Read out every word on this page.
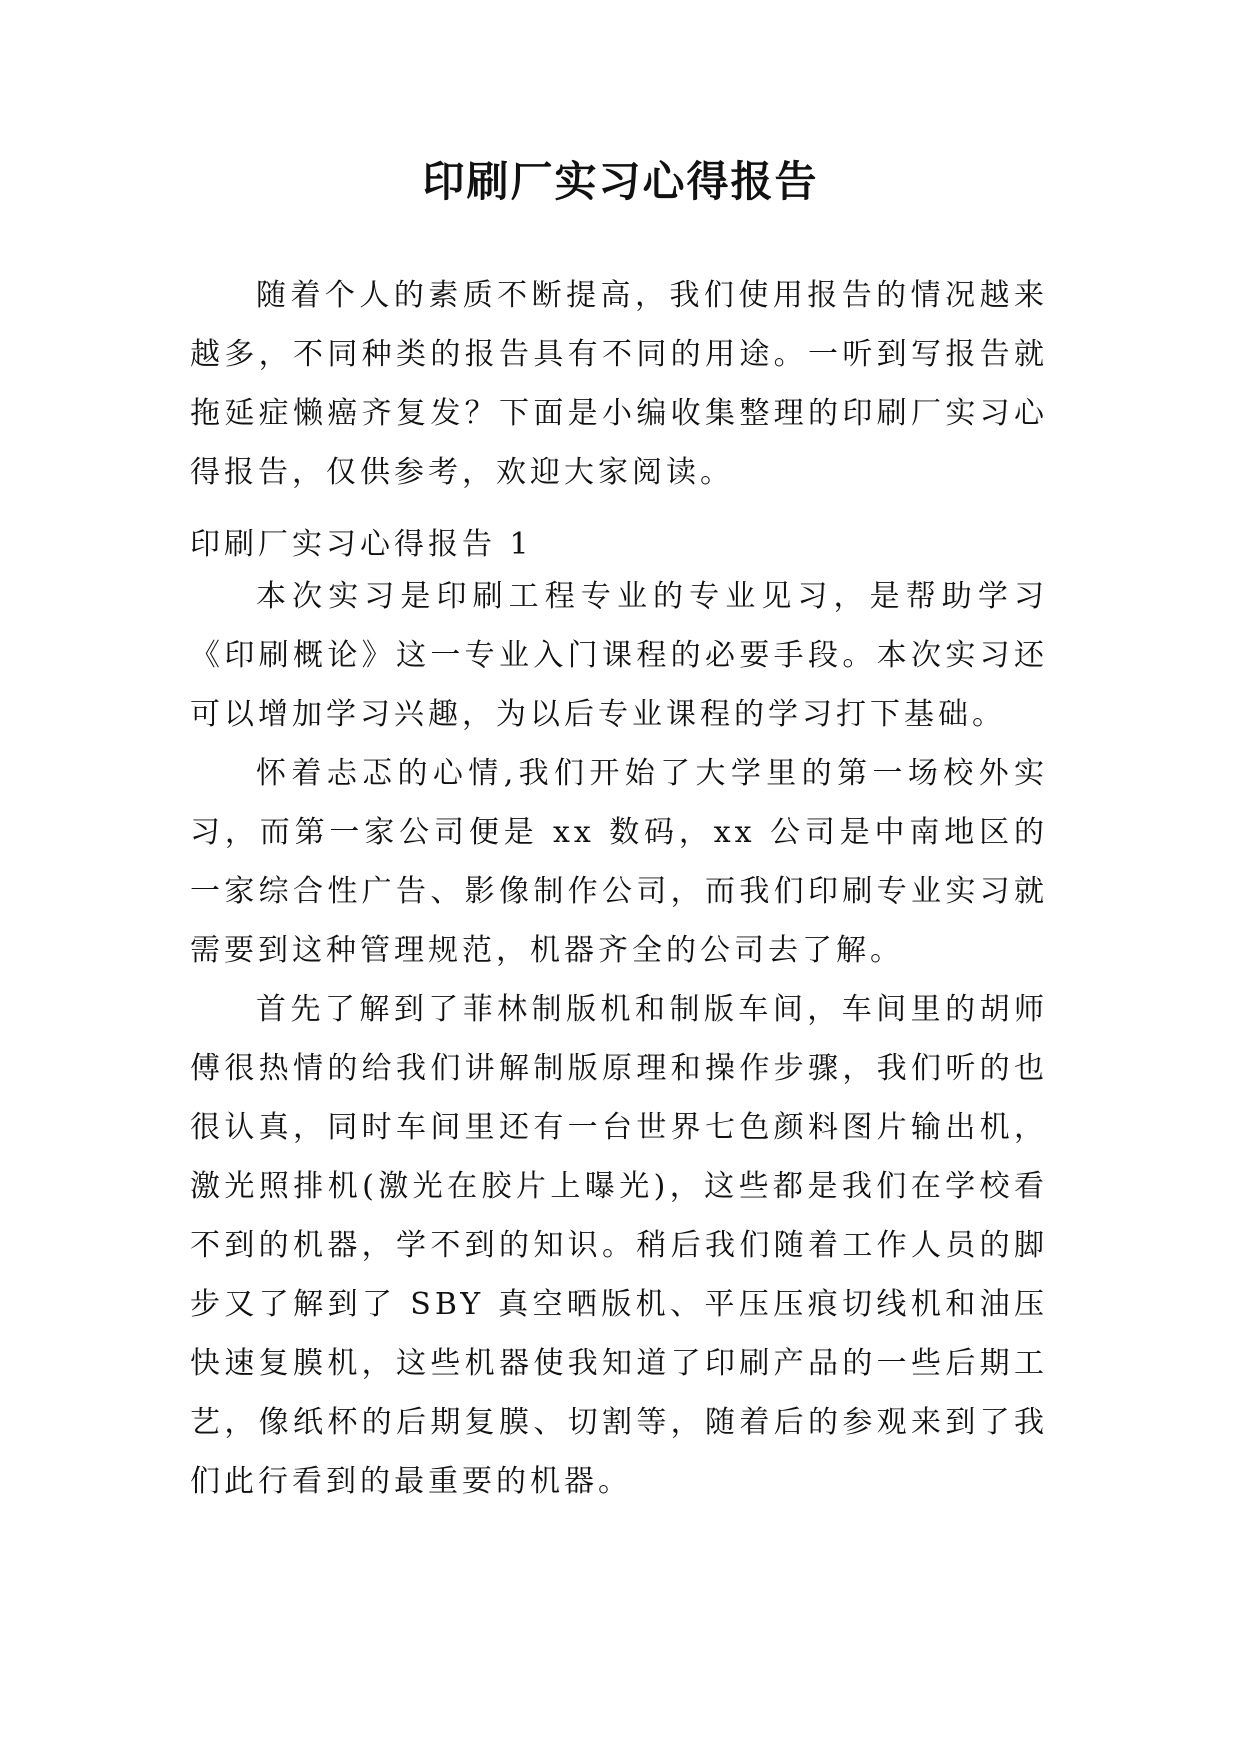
印刷厂实习心得报告

随着个人的素质不断提高，我们使用报告的情况越来越多，不同种类的报告具有不同的用途。一听到写报告就拖延症懒癌齐复发？下面是小编收集整理的印刷厂实习心得报告，仅供参考，欢迎大家阅读。

印刷厂实习心得报告 1

本次实习是印刷工程专业的专业见习，是帮助学习《印刷概论》这一专业入门课程的必要手段。本次实习还可以增加学习兴趣，为以后专业课程的学习打下基础。

怀着忐忑的心情,我们开始了大学里的第一场校外实习，而第一家公司便是 xx 数码，xx 公司是中南地区的一家综合性广告、影像制作公司，而我们印刷专业实习就需要到这种管理规范，机器齐全的公司去了解。

首先了解到了菲林制版机和制版车间，车间里的胡师傅很热情的给我们讲解制版原理和操作步骤，我们听的也很认真，同时车间里还有一台世界七色颜料图片输出机，激光照排机(激光在胶片上曝光)，这些都是我们在学校看不到的机器，学不到的知识。稍后我们随着工作人员的脚步又了解到了 SBY 真空晒版机、平压压痕切线机和油压快速复膜机，这些机器使我知道了印刷产品的一些后期工艺，像纸杯的后期复膜、切割等，随着后的参观来到了我们此行看到的最重要的机器。
